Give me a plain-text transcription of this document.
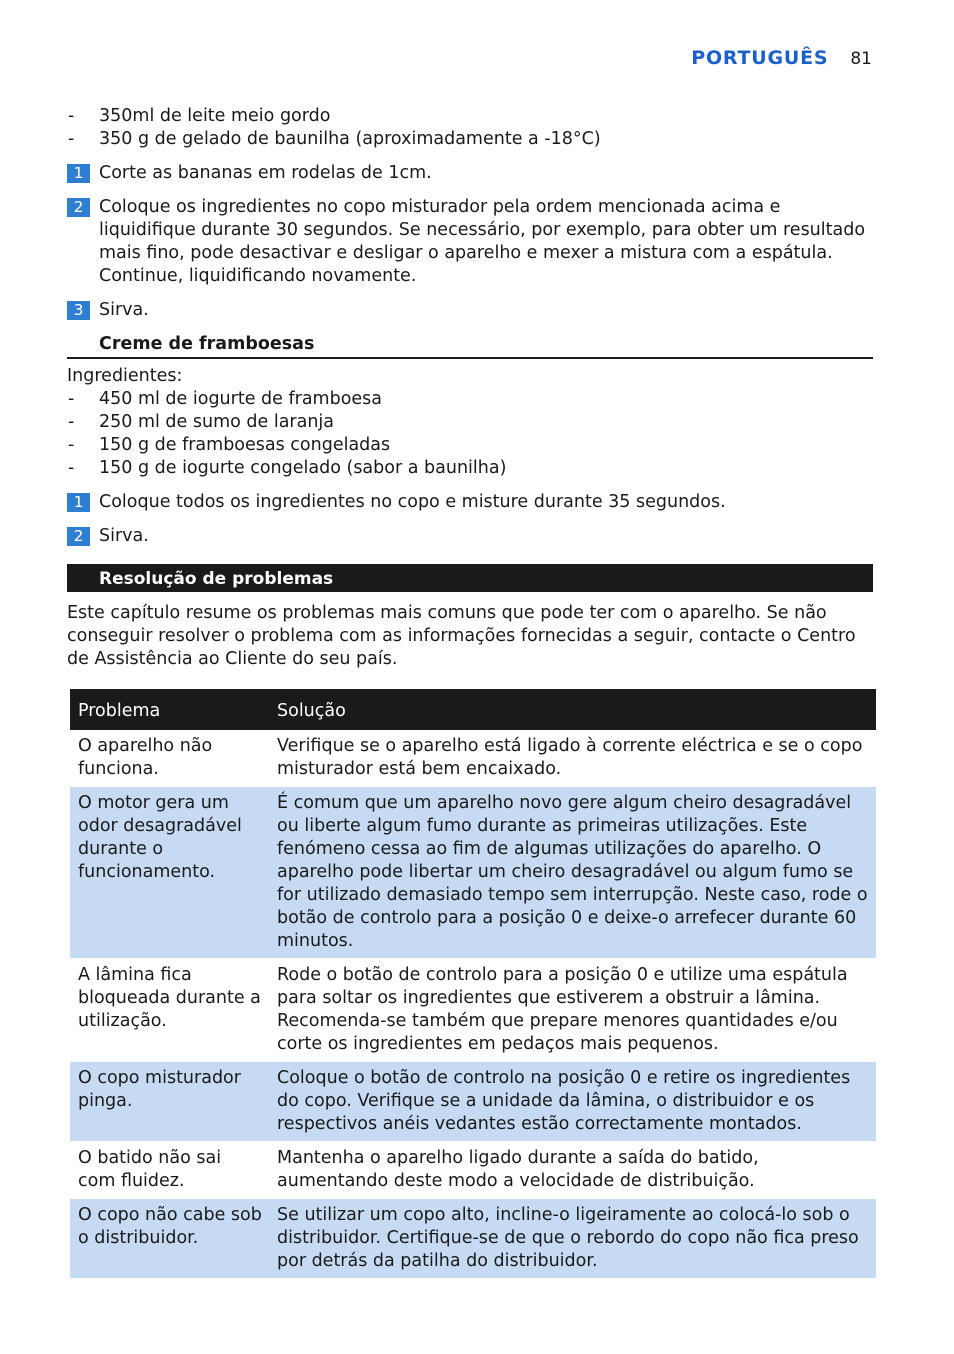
PORTUGUÊS 81
-	350ml de leite meio gordo
-	350 g de gelado de baunilha (aproximadamente a -18°C)
1 Corte as bananas em rodelas de 1cm.
2 Coloque os ingredientes no copo misturador pela ordem mencionada acima e liquidifique durante 30 segundos. Se necessário, por exemplo, para obter um resultado mais fino, pode desactivar e desligar o aparelho e mexer a mistura com a espátula. Continue, liquidificando novamente.
3 Sirva.
Creme de framboesas
Ingredientes:
-	450 ml de iogurte de framboesa
-	250 ml de sumo de laranja
-	150 g de framboesas congeladas
-	150 g de iogurte congelado (sabor a baunilha)
1 Coloque todos os ingredientes no copo e misture durante 35 segundos.
2 Sirva.
Resolução de problemas
Este capítulo resume os problemas mais comuns que pode ter com o aparelho. Se não conseguir resolver o problema com as informações fornecidas a seguir, contacte o Centro de Assistência ao Cliente do seu país.
Problema	Solução
O aparelho não funciona.	Verifique se o aparelho está ligado à corrente eléctrica e se o copo misturador está bem encaixado.
O motor gera um odor desagradável durante o funcionamento.	É comum que um aparelho novo gere algum cheiro desagradável ou liberte algum fumo durante as primeiras utilizações. Este fenómeno cessa ao fim de algumas utilizações do aparelho. O aparelho pode libertar um cheiro desagradável ou algum fumo se for utilizado demasiado tempo sem interrupção. Neste caso, rode o botão de controlo para a posição 0 e deixe-o arrefecer durante 60 minutos.
A lâmina fica bloqueada durante a utilização.	Rode o botão de controlo para a posição 0 e utilize uma espátula para soltar os ingredientes que estiverem a obstruir a lâmina. Recomenda-se também que prepare menores quantidades e/ou corte os ingredientes em pedaços mais pequenos.
O copo misturador pinga.	Coloque o botão de controlo na posição 0 e retire os ingredientes do copo. Verifique se a unidade da lâmina, o distribuidor e os respectivos anéis vedantes estão correctamente montados.
O batido não sai com fluidez.	Mantenha o aparelho ligado durante a saída do batido, aumentando deste modo a velocidade de distribuição.
O copo não cabe sob o distribuidor.	Se utilizar um copo alto, incline-o ligeiramente ao colocá-lo sob o distribuidor. Certifique-se de que o rebordo do copo não fica preso por detrás da patilha do distribuidor.
